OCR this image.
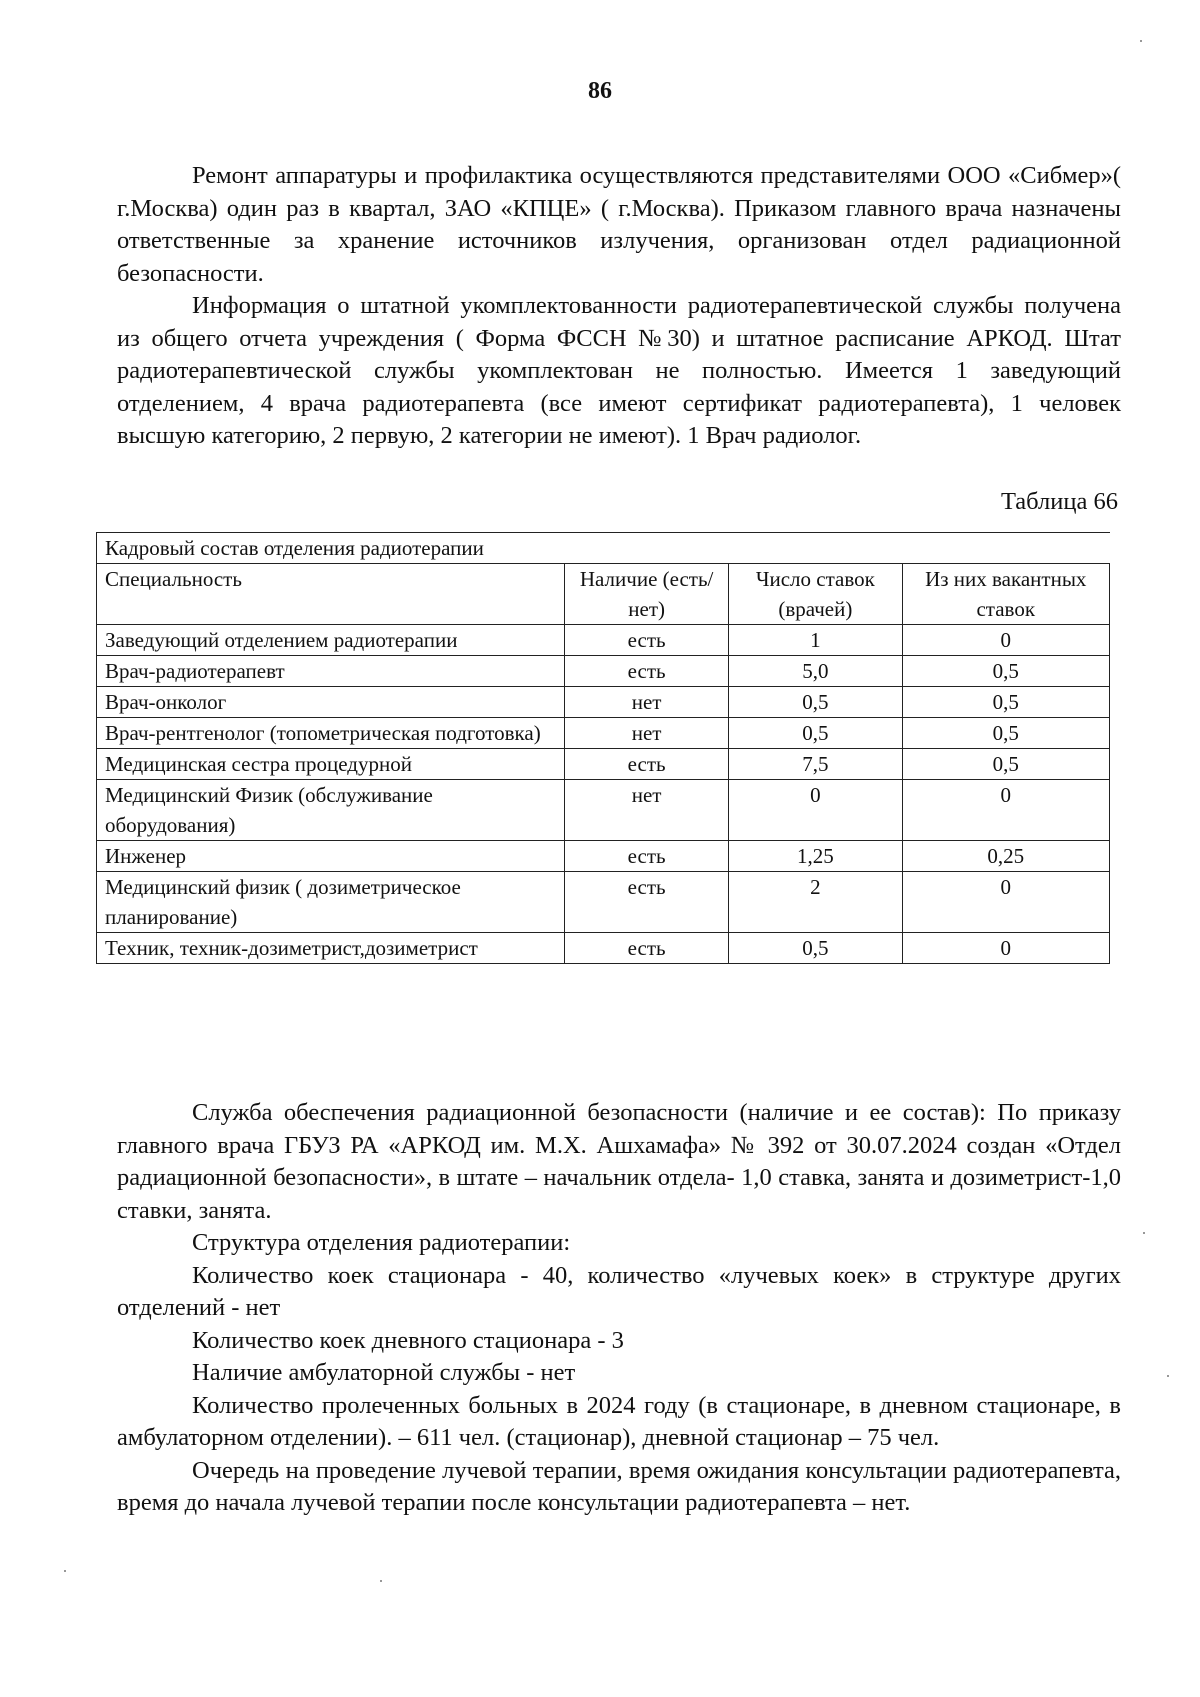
86

Ремонт аппаратуры и профилактика осуществляются представителями ООО «Сибмер»( г.Москва) один раз в квартал, ЗАО «КПЦЕ» ( г.Москва). Приказом главного врача назначены ответственные за хранение источников излучения, организован отдел радиационной безопасности.

Информация о штатной укомплектованности радиотерапевтической службы получена из общего отчета учреждения ( Форма ФССН №30) и штатное расписание АРКОД. Штат радиотерапевтической службы укомплектован не полностью. Имеется 1 заведующий отделением, 4 врача радиотерапевта (все имеют сертификат радиотерапевта), 1 человек высшую категорию, 2 первую, 2 категории не имеют). 1 Врач радиолог.

Таблица 66
Кадровый состав отделения радиотерапии			
Специальность	Наличие (есть/нет)	Число ставок (врачей)	Из них вакантных ставок
Заведующий отделением радиотерапии	есть	1	0
Врач-радиотерапевт	есть	5,0	0,5
Врач-онколог	нет	0,5	0,5
Врач-рентгенолог (топометрическая подготовка)	нет	0,5	0,5
Медицинская сестра процедурной	есть	7,5	0,5
Медицинский Физик (обслуживание оборудования)	нет	0	0
Инженер	есть	1,25	0,25
Медицинский физик ( дозиметрическое планирование)	есть	2	0
Техник, техник-дозиметрист,дозиметрист	есть	0,5	0

Служба обеспечения радиационной безопасности (наличие и ее состав): По приказу главного врача ГБУЗ РА «АРКОД им. М.Х. Ашхамафа» № 392 от 30.07.2024 создан «Отдел радиационной безопасности», в штате – начальник отдела- 1,0 ставка, занята и дозиметрист-1,0 ставки, занята.

Структура отделения радиотерапии:

Количество коек стационара - 40, количество «лучевых коек» в структуре других отделений - нет

Количество коек дневного стационара - 3

Наличие амбулаторной службы - нет

Количество пролеченных больных в 2024 году (в стационаре, в дневном стационаре, в амбулаторном отделении). – 611 чел. (стационар), дневной стационар – 75 чел.

Очередь на проведение лучевой терапии, время ожидания консультации радиотерапевта, время до начала лучевой терапии после консультации радиотерапевта – нет.
